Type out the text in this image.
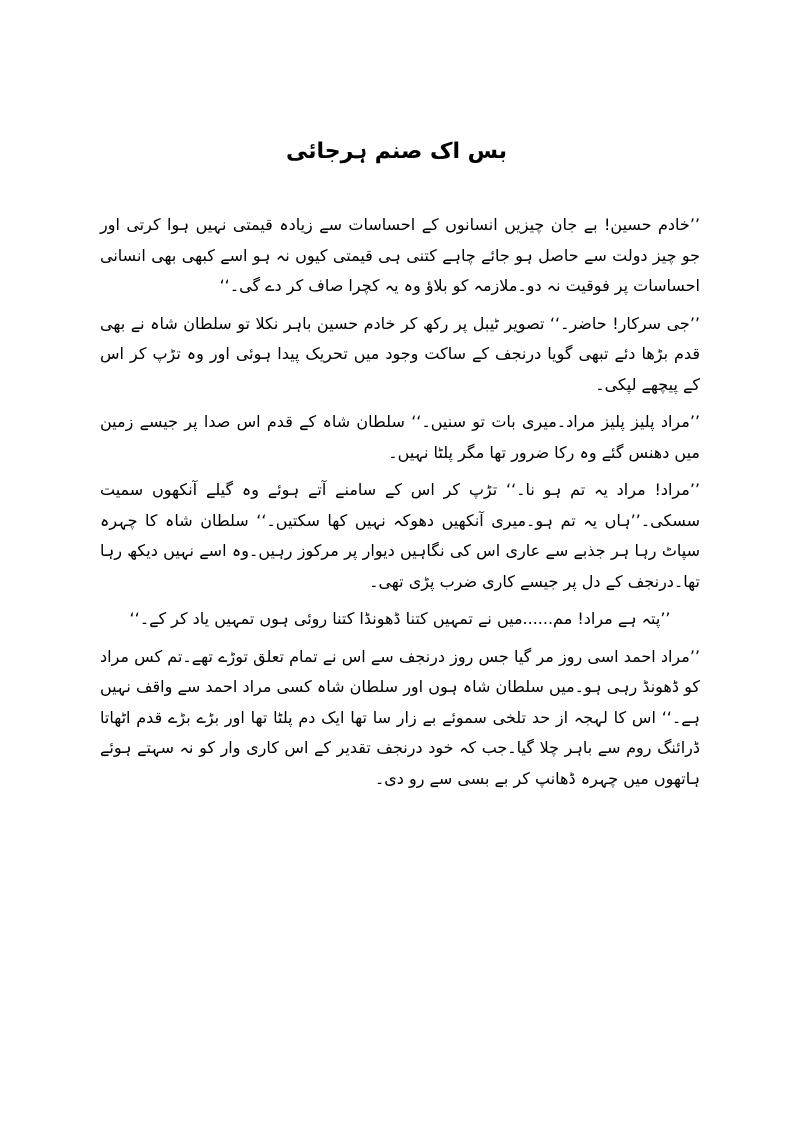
بس اک صنم ہرجائی

’’خادم حسین! بے جان چیزیں انسانوں کے احساسات سے زیادہ قیمتی نہیں ہوا کرتی اور جو چیز دولت سے حاصل ہو جائے چاہے کتنی ہی قیمتی کیوں نہ ہو اسے کبھی بھی انسانی احساسات پر فوقیت نہ دو۔ملازمہ کو بلاؤ وہ یہ کچرا صاف کر دے گی۔‘‘

’’جی سرکار! حاضر۔‘‘ تصویر ٹیبل پر رکھ کر خادم حسین باہر نکلا تو سلطان شاہ نے بھی قدم بڑھا دئے تبھی گویا درنجف کے ساکت وجود میں تحریک پیدا ہوئی اور وہ تڑپ کر اس کے پیچھے لپکی۔

’’مراد پلیز پلیز مراد۔میری بات تو سنیں۔‘‘ سلطان شاہ کے قدم اس صدا پر جیسے زمین میں دھنس گئے وہ رکا ضرور تھا مگر پلٹا نہیں۔

’’مراد! مراد یہ تم ہو نا۔‘‘ تڑپ کر اس کے سامنے آتے ہوئے وہ گیلے آنکھوں سمیت سسکی۔’’ہاں یہ تم ہو۔میری آنکھیں دھوکہ نہیں کھا سکتیں۔‘‘ سلطان شاہ کا چہرہ سپاٹ رہا ہر جذبے سے عاری اس کی نگاہیں دیوار پر مرکوز رہیں۔وہ اسے نہیں دیکھ رہا تھا۔درنجف کے دل پر جیسے کاری ضرب پڑی تھی۔

’’پتہ ہے مراد! مم......میں نے تمہیں کتنا ڈھونڈا کتنا روئی ہوں تمہیں یاد کر کے۔‘‘

’’مراد احمد اسی روز مر گیا جس روز درنجف سے اس نے تمام تعلق توڑے تھے۔تم کس مراد کو ڈھونڈ رہی ہو۔میں سلطان شاہ ہوں اور سلطان شاہ کسی مراد احمد سے واقف نہیں ہے۔‘‘ اس کا لہجہ از حد تلخی سموئے بے زار سا تھا ایک دم پلٹا تھا اور بڑے بڑے قدم اٹھاتا ڈرائنگ روم سے باہر چلا گیا۔جب کہ خود درنجف تقدیر کے اس کاری وار کو نہ سہتے ہوئے ہاتھوں میں چہرہ ڈھانپ کر بے بسی سے رو دی۔
